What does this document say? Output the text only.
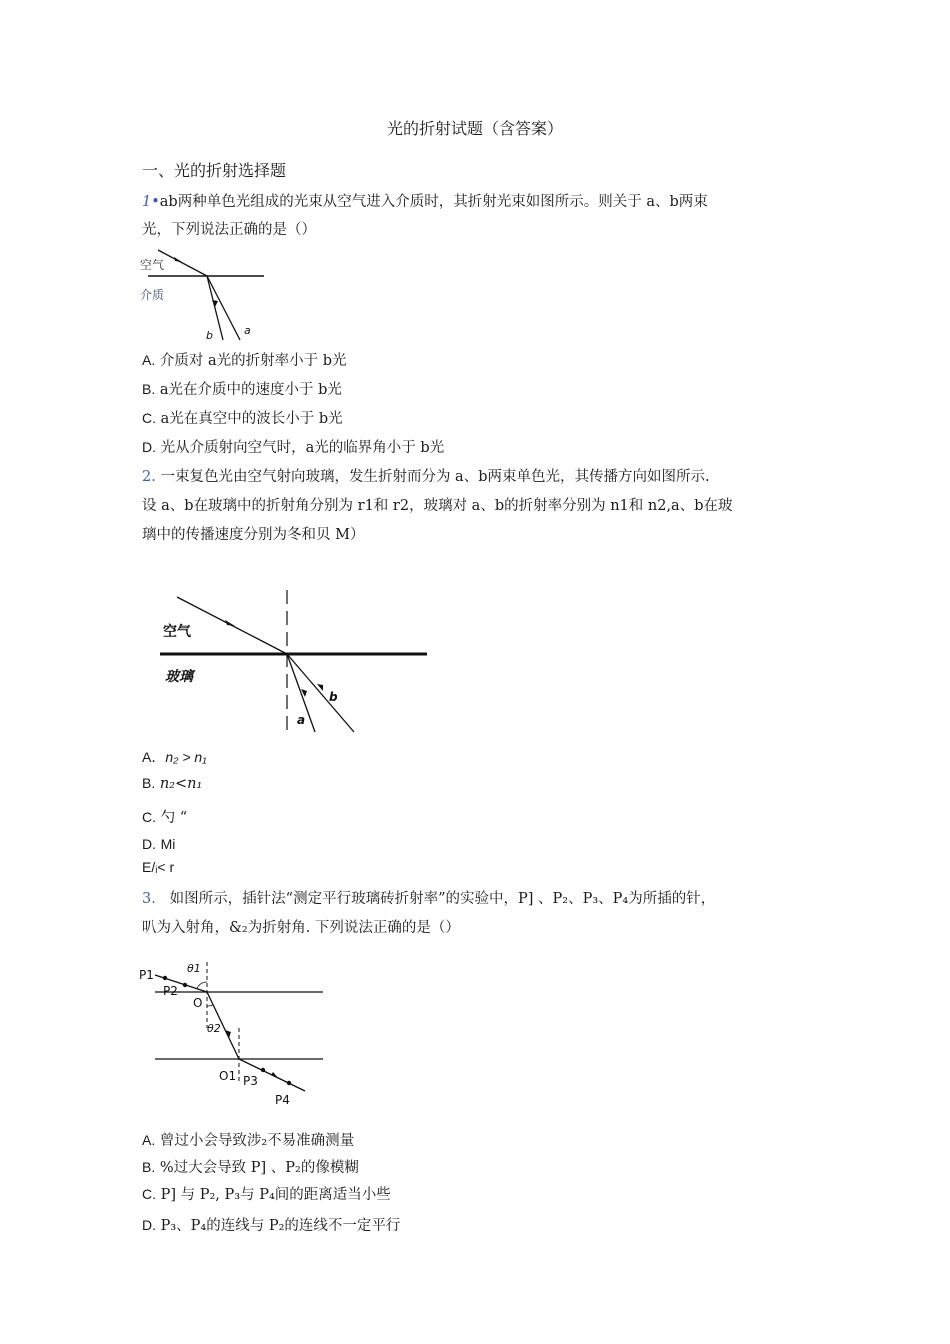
光的折射试题（含答案）
一、光的折射选择题
1•ab两种单色光组成的光束从空气进入介质时，其折射光束如图所示。则关于 a、b两束
光，下列说法正确的是（）
空气
介质
b	a
A. 介质对 a光的折射率小于 b光
B. a光在介质中的速度小于 b光
C. a光在真空中的波长小于 b光
D. 光从介质射向空气时，a光的临界角小于 b光
2. 一束复色光由空气射向玻璃，发生折射而分为 a、b两束单色光，其传播方向如图所示.
设 a、b在玻璃中的折射角分别为 r1和 r2，玻璃对 a、b的折射率分别为 n1和 n2,a、b在玻
璃中的传播速度分别为冬和贝 M）
空气
玻璃
a
b
A．n₂ > n₁
B. n₂<n₁
C. 勺 “
D. Mi
E/ᵢ< r
3. 如图所示，插针法“测定平行玻璃砖折射率”的实验中，P] 、P₂、P₃、P₄为所插的针，
叭为入射角，&₂为折射角. 下列说法正确的是（）
P1
P2
θ1
O
θ2
O1 P3
P4
A. 曾过小会导致涉₂不易准确测量
B. %过大会导致 P] 、P₂的像模糊
C. P] 与 P₂, P₃与 P₄间的距离适当小些
D. P₃、P₄的连线与 P₂的连线不一定平行
